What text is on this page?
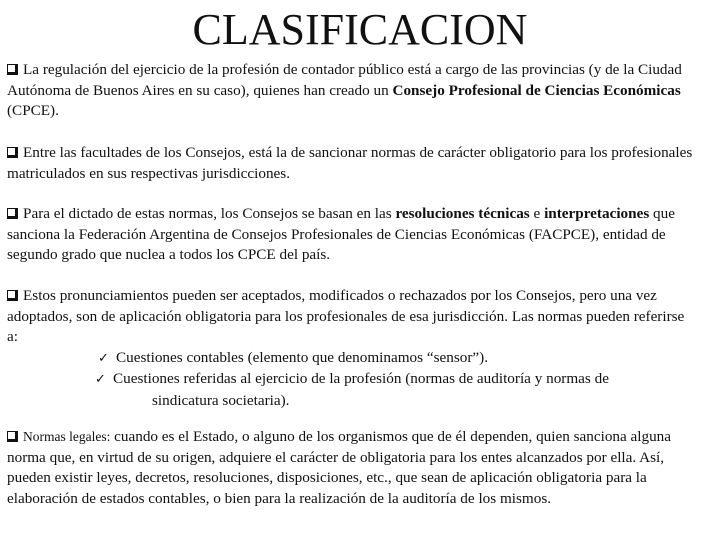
CLASIFICACION

La regulación del ejercicio de la profesión de contador público está a cargo de las provincias (y de la Ciudad Autónoma de Buenos Aires en su caso), quienes han creado un Consejo Profesional de Ciencias Económicas (CPCE).

Entre las facultades de los Consejos, está la de sancionar normas de carácter obligatorio para los profesionales matriculados en sus respectivas jurisdicciones.

Para el dictado de estas normas, los Consejos se basan en las resoluciones técnicas e interpretaciones que sanciona la Federación Argentina de Consejos Profesionales de Ciencias Económicas (FACPCE), entidad de segundo grado que nuclea a todos los CPCE del país.

Estos pronunciamientos pueden ser aceptados, modificados o rechazados por los Consejos, pero una vez adoptados, son de aplicación obligatoria para los profesionales de esa jurisdicción. Las normas pueden referirse a:
✓ Cuestiones contables (elemento que denominamos “sensor”).
✓ Cuestiones referidas al ejercicio de la profesión (normas de auditoría y normas de
sindicatura societaria).

Normas legales: cuando es el Estado, o alguno de los organismos que de él dependen, quien sanciona alguna norma que, en virtud de su origen, adquiere el carácter de obligatoria para los entes alcanzados por ella. Así, pueden existir leyes, decretos, resoluciones, disposiciones, etc., que sean de aplicación obligatoria para la elaboración de estados contables, o bien para la realización de la auditoría de los mismos.
